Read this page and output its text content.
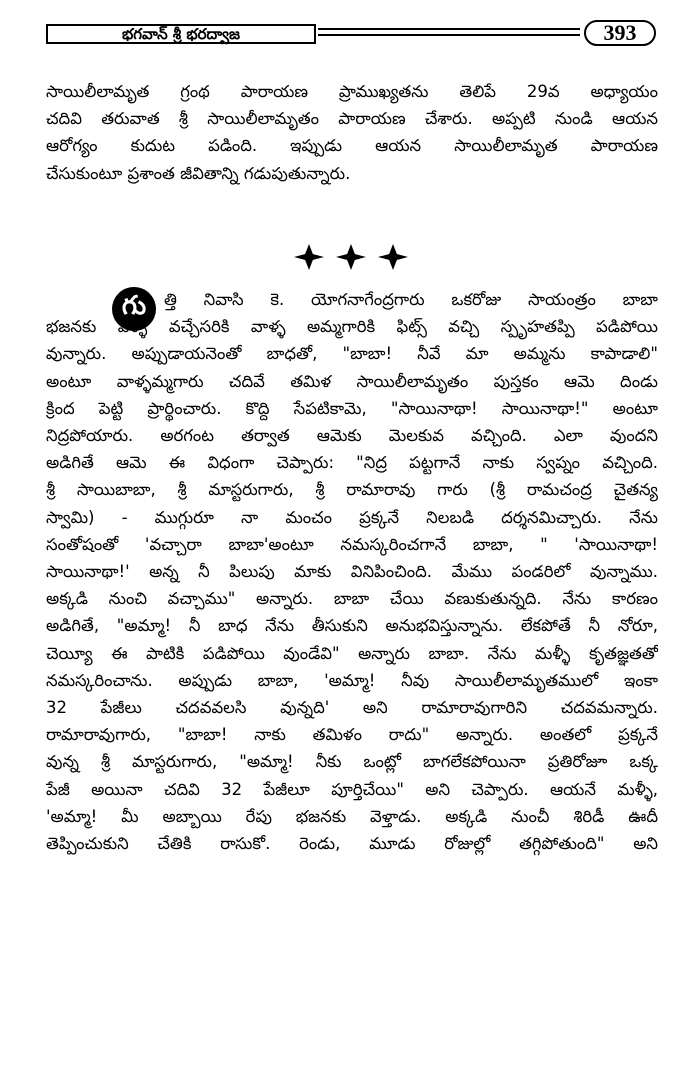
భగవాన్ శ్రీ భరద్వాజ	393
సాయిలీలామృత గ్రంథ పారాయణ ప్రాముఖ్యతను తెలిపే 29వ అధ్యాయం
చదివి తరువాత శ్రీ సాయిలీలామృతం పారాయణ చేశారు. అప్పటి నుండి ఆయన
ఆరోగ్యం కుదుట పడింది. ఇప్పుడు ఆయన సాయిలీలామృత పారాయణ
చేసుకుంటూ ప్రశాంత జీవితాన్ని గడుపుతున్నారు.
గు	త్తి నివాసి కె. యోగనాగేంద్రగారు ఒకరోజు సాయంత్రం బాబా
భజనకు వెళ్ళి వచ్చేసరికి వాళ్ళ అమ్మగారికి ఫిట్స్ వచ్చి స్పృహతప్పి పడిపోయి
వున్నారు. అప్పుడాయనెంతో బాధతో, "బాబా! నీవే మా అమ్మను కాపాడాలి"
అంటూ వాళ్ళమ్మగారు చదివే తమిళ సాయిలీలామృతం పుస్తకం ఆమె దిండు
క్రింద పెట్టి ప్రార్థించారు. కొద్ది సేపటికామె, "సాయినాథా! సాయినాథా!" అంటూ
నిద్రపోయారు. అరగంట తర్వాత ఆమెకు మెలకువ వచ్చింది. ఎలా వుందని
అడిగితే ఆమె ఈ విధంగా చెప్పారు: "నిద్ర పట్టగానే నాకు స్వప్నం వచ్చింది.
శ్రీ సాయిబాబా, శ్రీ మాస్టరుగారు, శ్రీ రామారావు గారు (శ్రీ రామచంద్ర చైతన్య
స్వామి) - ముగ్గురూ నా మంచం ప్రక్కనే నిలబడి దర్శనమిచ్చారు. నేను
సంతోషంతో 'వచ్చారా బాబా'అంటూ నమస్కరించగానే బాబా, " 'సాయినాథా!
సాయినాథా!' అన్న నీ పిలుపు మాకు వినిపించింది. మేము పండరిలో వున్నాము.
అక్కడి నుంచి వచ్చాము" అన్నారు. బాబా చేయి వణుకుతున్నది. నేను కారణం
అడిగితే, "అమ్మా! నీ బాధ నేను తీసుకుని అనుభవిస్తున్నాను. లేకపోతే నీ నోరూ,
చెయ్యీ ఈ పాటికి పడిపోయి వుండేవి" అన్నారు బాబా. నేను మళ్ళీ కృతజ్ఞతతో
నమస్కరించాను. అప్పుడు బాబా, 'అమ్మా! నీవు సాయిలీలామృతములో ఇంకా
32 పేజీలు చదవవలసి వున్నది' అని రామారావుగారిని చదవమన్నారు.
రామారావుగారు, "బాబా! నాకు తమిళం రాదు" అన్నారు. అంతలో ప్రక్కనే
వున్న శ్రీ మాస్టరుగారు, "అమ్మా! నీకు ఒంట్లో బాగలేకపోయినా ప్రతిరోజూ ఒక్క
పేజీ అయినా చదివి 32 పేజీలూ పూర్తిచేయి" అని చెప్పారు. ఆయనే మళ్ళీ,
'అమ్మా! మీ అబ్బాయి రేపు భజనకు వెళ్తాడు. అక్కడి నుంచీ శిరిడీ ఊదీ
తెప్పించుకుని చేతికి రాసుకో. రెండు, మూడు రోజుల్లో తగ్గిపోతుంది" అని
